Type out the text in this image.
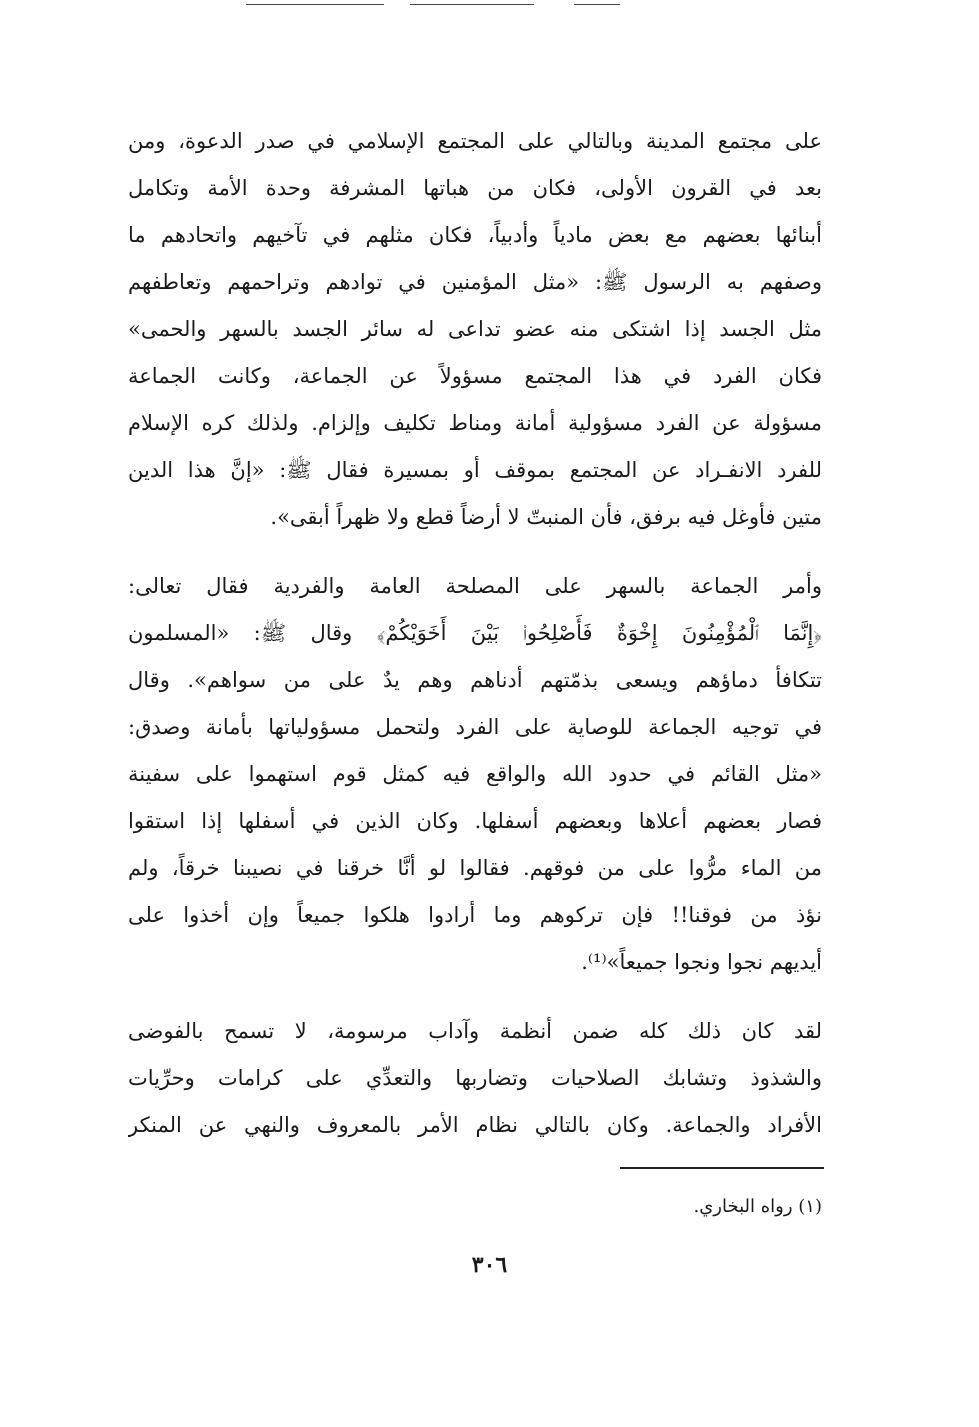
على مجتمع المدينة وبالتالي على المجتمع الإسلامي في صدر الدعوة، ومن
بعد في القرون الأولى، فكان من هباتها المشرفة وحدة الأمة وتكامل
أبنائها بعضهم مع بعض مادياً وأدبياً، فكان مثلهم في تآخيهم واتحادهم ما
وصفهم به الرسول ﷺ: «مثل المؤمنين في توادهم وتراحمهم وتعاطفهم
مثل الجسد إذا اشتكى منه عضو تداعى له سائر الجسد بالسهر والحمى»
فكان الفرد في هذا المجتمع مسؤولاً عن الجماعة، وكانت الجماعة
مسؤولة عن الفرد مسؤولية أمانة ومناط تكليف وإلزام. ولذلك كره الإسلام
للفرد الانفـراد عن المجتمع بموقف أو بمسيرة فقال ﷺ: «إنَّ هذا الدين
متين فأوغل فيه برفق، فأن المنبتّ لا أرضاً قطع ولا ظهراً أبقى».
وأمر الجماعة بالسهر على المصلحة العامة والفردية فقال تعالى:
﴿إِنَّمَا ٱلْمُؤْمِنُونَ إِخْوَةٌ فَأَصْلِحُوا۟ بَيْنَ أَخَوَيْكُمْ﴾ وقال ﷺ: «المسلمون
تتكافأ دماؤهم ويسعى بذمّتهم أدناهم وهم يدٌ على من سواهم». وقال
في توجيه الجماعة للوصاية على الفرد ولتحمل مسؤولياتها بأمانة وصدق:
«مثل القائم في حدود الله والواقع فيه كمثل قوم استهموا على سفينة
فصار بعضهم أعلاها وبعضهم أسفلها. وكان الذين في أسفلها إذا استقوا
من الماء مرُّوا على من فوقهم. فقالوا لو أنَّا خرقنا في نصيبنا خرقاً، ولم
نؤذ من فوقنا!! فإن تركوهم وما أرادوا هلكوا جميعاً وإن أخذوا على
أيديهم نجوا ونجوا جميعاً»⁽¹⁾.
لقد كان ذلك كله ضمن أنظمة وآداب مرسومة، لا تسمح بالفوضى
والشذوذ وتشابك الصلاحيات وتضاربها والتعدِّي على كرامات وحرِّيات
الأفراد والجماعة. وكان بالتالي نظام الأمر بالمعروف والنهي عن المنكر
(١) رواه البخاري.
٣٠٦
